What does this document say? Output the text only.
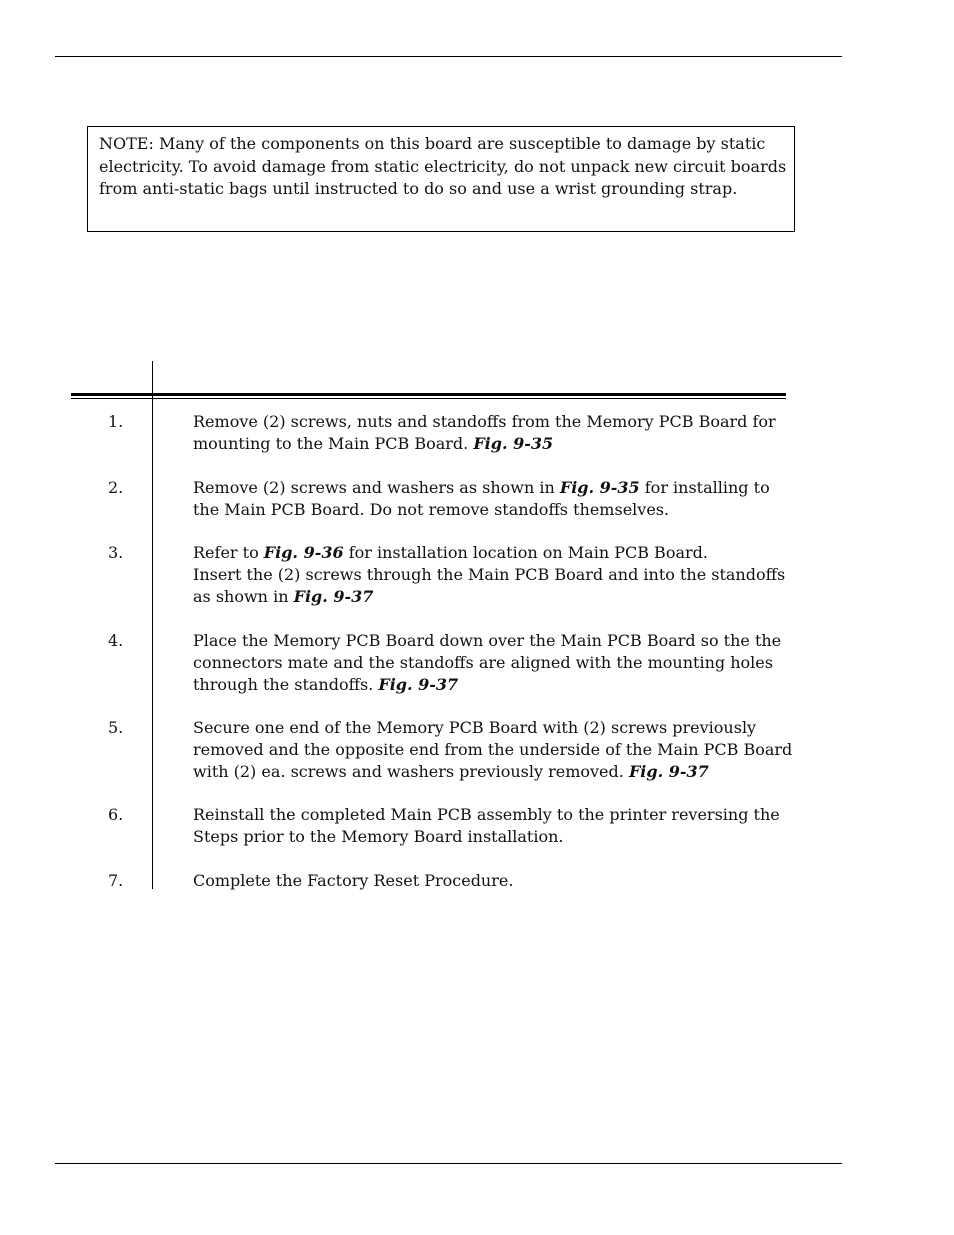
NOTE: Many of the components on this board are susceptible to damage by static
electricity. To avoid damage from static electricity, do not unpack new circuit boards
from anti-static bags until instructed to do so and use a wrist grounding strap.
1.	Remove (2) screws, nuts and standoffs from the Memory PCB Board for
mounting to the Main PCB Board. Fig. 9-35
2.	Remove (2) screws and washers as shown in Fig. 9-35 for installing to
the Main PCB Board. Do not remove standoffs themselves.
3.	Refer to Fig. 9-36 for installation location on Main PCB Board.
Insert the (2) screws through the Main PCB Board and into the standoffs
as shown in Fig. 9-37
4.	Place the Memory PCB Board down over the Main PCB Board so the the
connectors mate and the standoffs are aligned with the mounting holes
through the standoffs. Fig. 9-37
5.	Secure one end of the Memory PCB Board with (2) screws previously
removed and the opposite end from the underside of the Main PCB Board
with (2) ea. screws and washers previously removed. Fig. 9-37
6.	Reinstall the completed Main PCB assembly to the printer reversing the
Steps prior to the Memory Board installation.
7.	Complete the Factory Reset Procedure.
